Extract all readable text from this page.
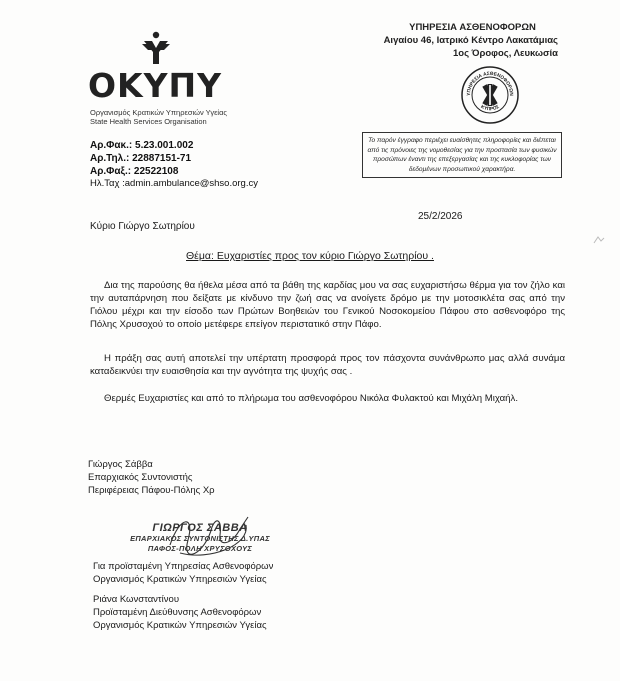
ΟΚΥΠΥ
Οργανισμός Κρατικών Υπηρεσιών Υγείας
State Health Services Organisation
ΥΠΗΡΕΣΙΑ ΑΣΘΕΝΟΦΟΡΩΝ
Αιγαίου 46, Ιατρικό Κέντρο Λακατάμιας
1ος Όροφος, Λευκωσία
ΥΠΗΡΕΣΙΑ ΑΣΘΕΝΟΦΟΡΩΝ
ΚΥΠΡΟΣ
Το παρόν έγγραφο περιέχει ευαίσθητες πληροφορίες και διέπεται από τις πρόνοιες της νομοθεσίας για την προστασία των φυσικών προσώπων έναντι της επεξεργασίας και της κυκλοφορίας των δεδομένων προσωπικού χαρακτήρα.
Αρ.Φακ.: 5.23.001.002
Αρ.Τηλ.: 22887151-71
Αρ.Φαξ.: 22522108
Ηλ.Ταχ :admin.ambulance@shso.org.cy
Κύριο Γιώργο Σωτηρίου
25/2/2026
Θέμα: Ευχαριστίες προς τον κύριο Γιώργο Σωτηρίου .
Δια της παρούσης θα ήθελα μέσα από τα βάθη της καρδίας μου να σας ευχαριστήσω θέρμα για τον ζήλο και την αυταπάρνηση που δείξατε με κίνδυνο την ζωή σας να ανοίγετε δρόμο με την μοτοσικλέτα σας από την Γιόλου μέχρι και την είσοδο των Πρώτων Βοηθειών του Γενικού Νοσοκομείου Πάφου στο ασθενοφόρο της Πόλης Χρυσοχού το οποίο μετέφερε επείγον περιστατικό στην Πάφο.
Η πράξη σας αυτή αποτελεί την υπέρτατη προσφορά προς τον πάσχοντα συνάνθρωπο μας αλλά συνάμα καταδεικνύει την ευαισθησία και την αγνότητα της ψυχής σας .
Θερμές Ευχαριστίες και από το πλήρωμα του ασθενοφόρου Νικόλα Φυλακτού και Μιχάλη Μιχαήλ.
Γιώργος Σάββα
Επαρχιακός Συντονιστής
Περιφέρειας Πάφου-Πόλης Χρ
ΓΙΩΡΓΟΣ ΣΑΒΒΑ
ΕΠΑΡΧΙΑΚΟΣ ΣΥΝΤΟΝΙΣΤΗΣ Δ.ΥΠΑΣ
ΠΑΦΟΣ-ΠΟΛΗ ΧΡΥΣΟΧΟΥΣ
Για προϊσταμένη Υπηρεσίας Ασθενοφόρων
Οργανισμός Κρατικών Υπηρεσιών Υγείας
Ριάνα Κωνσταντίνου
Προϊσταμένη Διεύθυνσης Ασθενοφόρων
Οργανισμός Κρατικών Υπηρεσιών Υγείας
